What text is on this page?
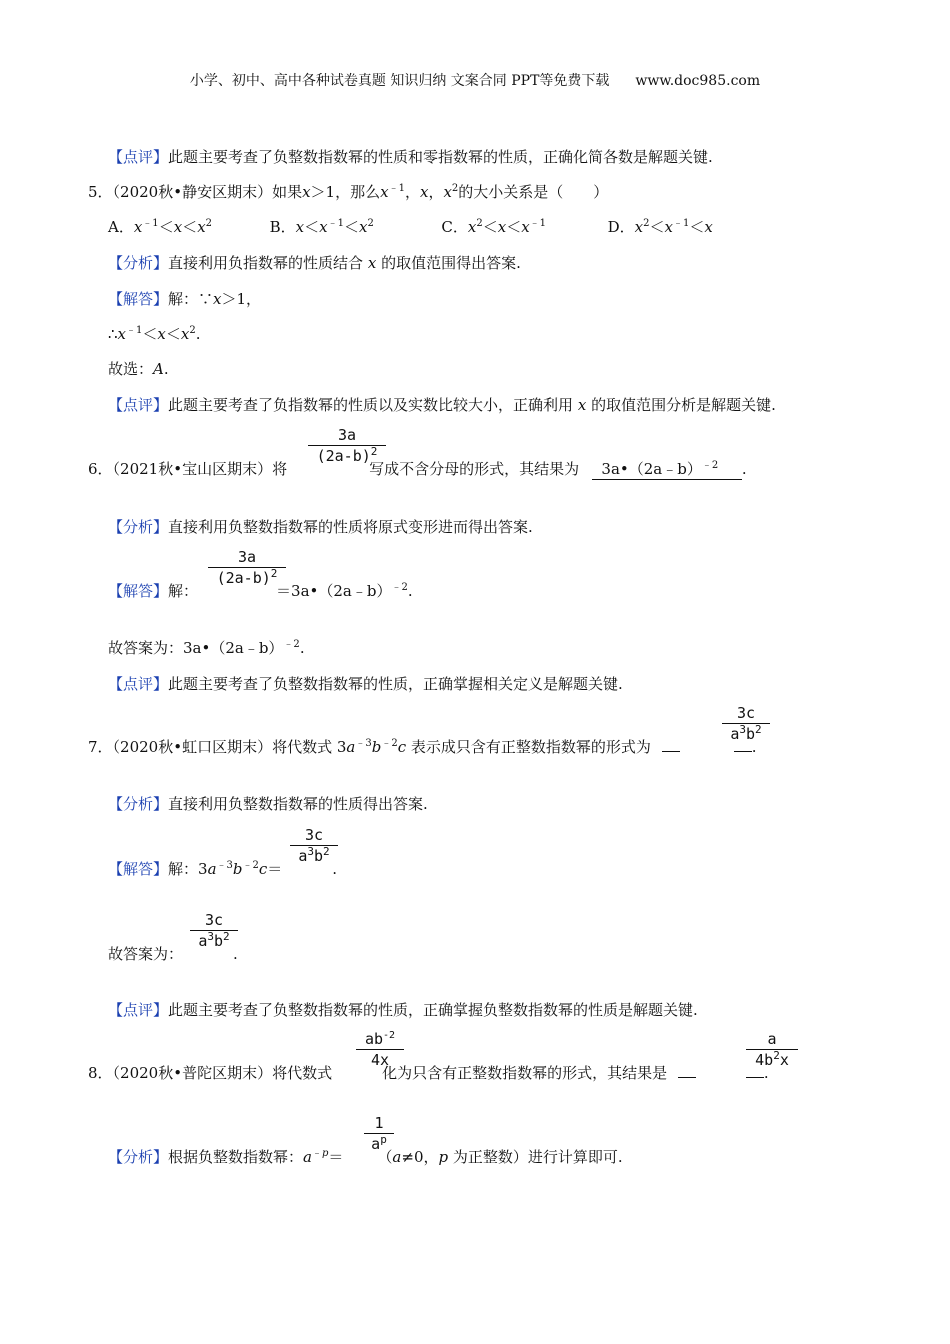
小学、初中、高中各种试卷真题 知识归纳 文案合同 PPT等免费下载 www.doc985.com
【点评】此题主要考查了负整数指数幂的性质和零指数幂的性质，正确化简各数是解题关键.
5．（2020秋•静安区期末）如果x＞1，那么$x^{﹣1}$，x，$x^2$的大小关系是（　　）
A．$x^{﹣1}<x<x^2$	B．$x<x^{﹣1}<x^2$	C．$x^2<x<x^{﹣1}$	D．$x^2<x^{﹣1}<x$
【分析】直接利用负指数幂的性质结合 x 的取值范围得出答案.
【解答】解：∵x＞1，
$\therefore x^{﹣1}<x<x^2$.
故选：A.
【点评】此题主要考查了负指数幂的性质以及实数比较大小，正确利用 x 的取值范围分析是解题关键.
3a
$(2a-b)^2$
6．（2021秋•宝山区期末）将	写成不含分母的形式，其结果为 3a•（2a﹣b）$^{﹣2}$ .
【分析】直接利用负整数指数幂的性质将原式变形进而得出答案.
3a
$(2a-b)^2$
【解答】解：	＝3a•（2a﹣b）$^{﹣2}$.
故答案为：3a•（2a﹣b）$^{﹣2}$.
【点评】此题主要考查了负整数指数幂的性质，正确掌握相关定义是解题关键.
3c
$a^3b^2$
7．（2020秋•虹口区期末）将代数式 $3a^{﹣3}b^{﹣2}c$ 表示成只含有正整数指数幂的形式为	.
【分析】直接利用负整数指数幂的性质得出答案.
3c
$a^3b^2$
【解答】解：$3a^{﹣3}b^{﹣2}c=$	.
3c
$a^3b^2$
故答案为：	.
【点评】此题主要考查了负整数指数幂的性质，正确掌握负整数指数幂的性质是解题关键.
$ab^{-2}$
4x
a
$4b^2x$
8．（2020秋•普陀区期末）将代数式	化为只含有正整数指数幂的形式，其结果是	.
1
$a^p$
【分析】根据负整数指数幂：$a^{﹣p}= (a\ne 0$，p 为正整数）进行计算即可.
